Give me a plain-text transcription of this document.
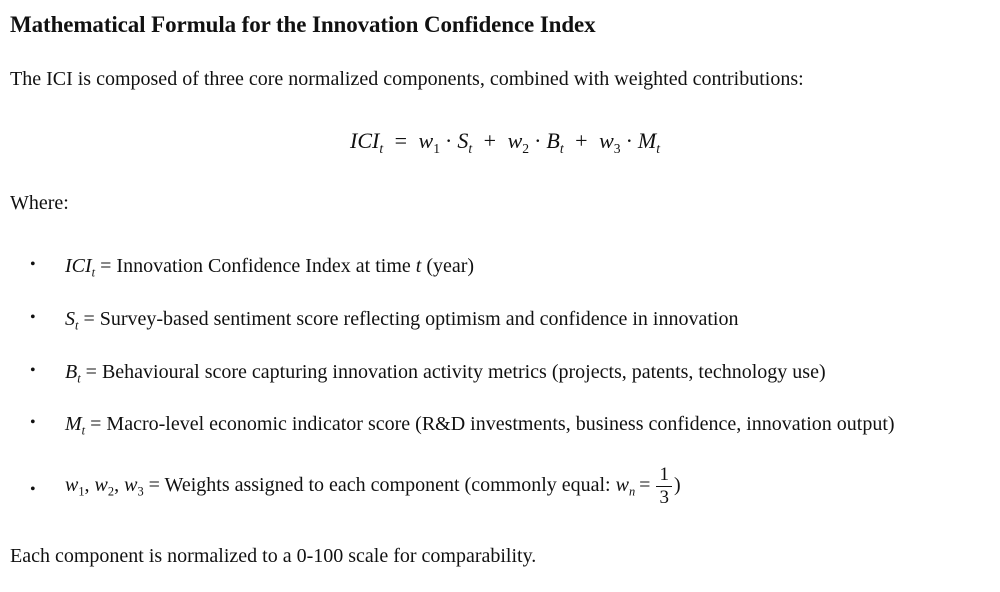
Mathematical Formula for the Innovation Confidence Index

The ICI is composed of three core normalized components, combined with weighted contributions:

$ICI_t = w_1 \cdot S_t + w_2 \cdot B_t + w_3 \cdot M_t$

Where:

• $ICI_t$ = Innovation Confidence Index at time t (year)
• $S_t$ = Survey-based sentiment score reflecting optimism and confidence in innovation
• $B_t$ = Behavioural score capturing innovation activity metrics (projects, patents, technology use)
• $M_t$ = Macro-level economic indicator score (R&D investments, business confidence, innovation output)
• $w_1$, $w_2$, $w_3$ = Weights assigned to each component (commonly equal: $w_n = \frac{1}{3}$ )

Each component is normalized to a 0-100 scale for comparability.
